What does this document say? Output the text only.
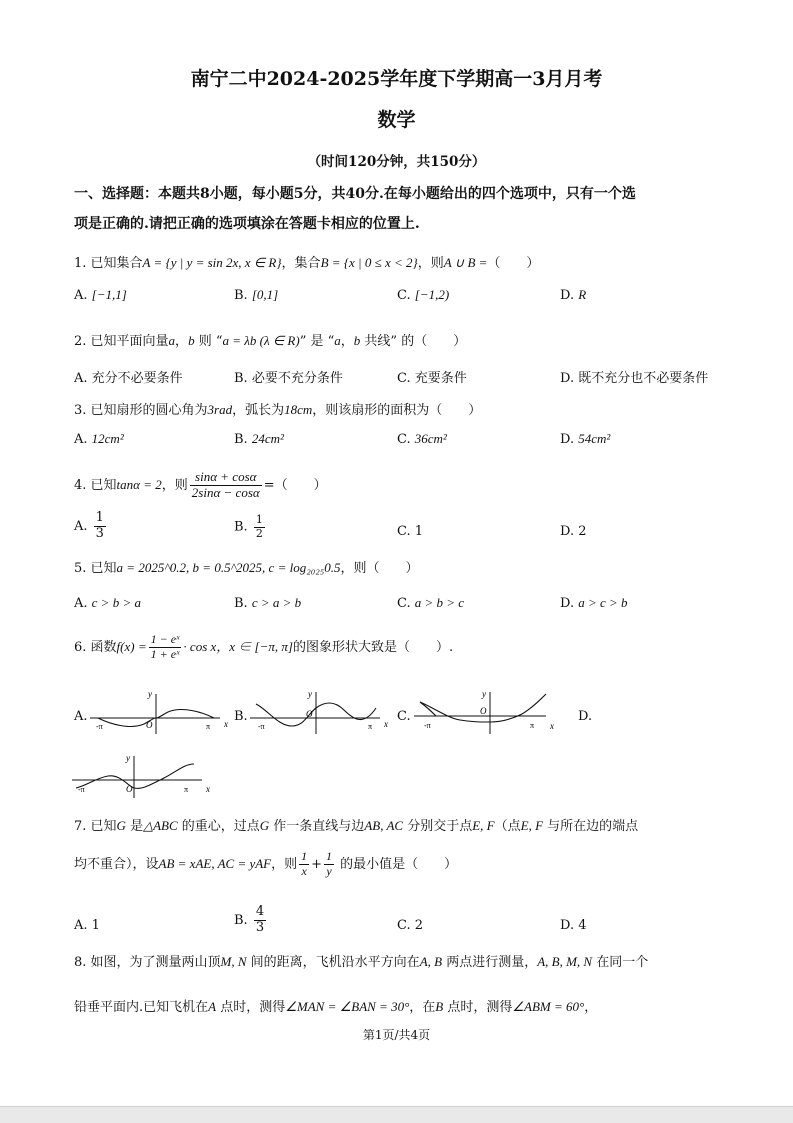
南宁二中2024-2025学年度下学期高一3月月考
数学
（时间120分钟，共150分）
一、选择题：本题共8小题，每小题5分，共40分.在每小题给出的四个选项中，只有一个选
项是正确的.请把正确的选项填涂在答题卡相应的位置上.
1. 已知集合A = {y | y = sin 2x, x ∈ R}，集合B = {x | 0 ≤ x < 2}，则A ∪ B =（　　）
A. [−1,1]	B. [0,1]	C. [−1,2)	D. R
2. 已知平面向量a，b 则 “a = λb (λ ∈ R)” 是 “a，b 共线” 的（　　）
A. 充分不必要条件	B. 必要不充分条件	C. 充要条件	D. 既不充分也不必要条件
3. 已知扇形的圆心角为3rad，弧长为18cm，则该扇形的面积为（　　）
A. 12cm²	B. 24cm²	C. 36cm²	D. 54cm²
4. 已知tanα = 2，则 $\frac{\sin\alpha + \cos\alpha}{2\sin\alpha - \cos\alpha}$ =（　　）
A. $\frac{1}{3}$	B. $\frac{1}{2}$	C. 1	D. 2
5. 已知a = 2025^0.2, b = 0.5^2025, c = log₂₀₂₅0.5，则（　　）
A. c > b > a	B. c > a > b	C. a > b > c	D. a > c > b
6. 函数$f(x) = \frac{\text{1 − eˣ}}{\text{1 + eˣ}} \cdot \cos x$，x ∈ [−π, π]的图象形状大致是（　　）.
A.	B.	C.	D.
y
x
O
-π	π
y
x
O
-π	π
y
x
O
-π	π
y
x
O
-π	π
7. 已知G 是△ABC 的重心，过点G 作一条直线与边AB, AC 分别交于点E, F（点E, F 与所在边的端点
均不重合），设AB = xAE, AC = yAF，则 $\frac{1}{x} + \frac{1}{y}$ 的最小值是（　　）
A. 1	B. $\frac{4}{3}$	C. 2	D. 4
8. 如图，为了测量两山顶M, N 间的距离，飞机沿水平方向在A, B 两点进行测量，A, B, M, N 在同一个
铅垂平面内.已知飞机在A 点时，测得∠MAN = ∠BAN = 30°，在B 点时，测得∠ABM = 60°，
第1页/共4页
